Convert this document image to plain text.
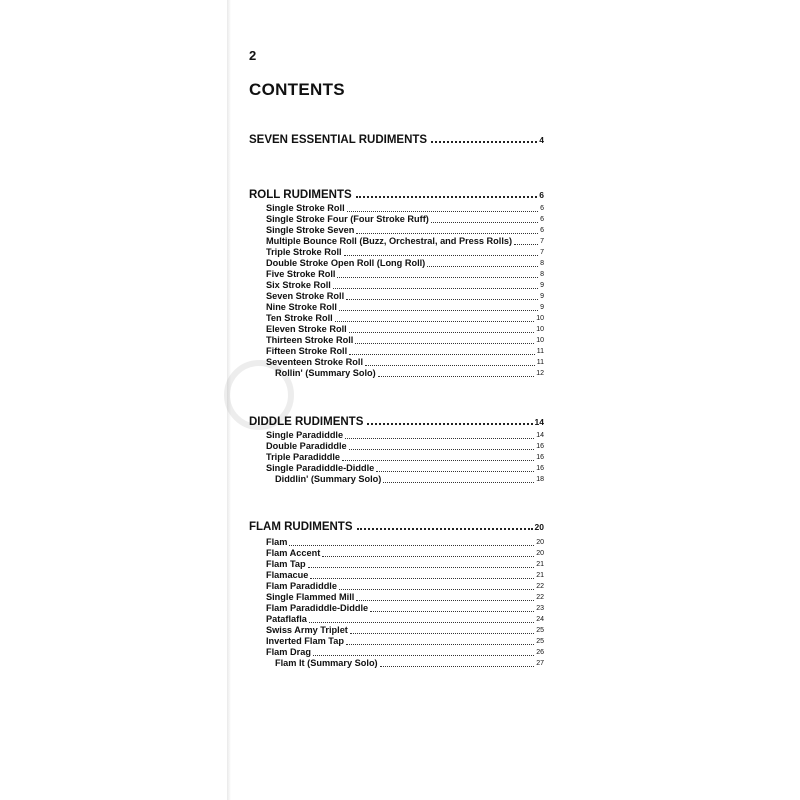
2
CONTENTS
SEVEN ESSENTIAL RUDIMENTS	4
ROLL RUDIMENTS	6
Single Stroke Roll	6
Single Stroke Four (Four Stroke Ruff)	6
Single Stroke Seven	6
Multiple Bounce Roll (Buzz, Orchestral, and Press Rolls)	7
Triple Stroke Roll	7
Double Stroke Open Roll (Long Roll)	8
Five Stroke Roll	8
Six Stroke Roll	9
Seven Stroke Roll	9
Nine Stroke Roll	9
Ten Stroke Roll	10
Eleven Stroke Roll	10
Thirteen Stroke Roll	10
Fifteen Stroke Roll	11
Seventeen Stroke Roll	11
Rollin' (Summary Solo)	12
DIDDLE RUDIMENTS	14
Single Paradiddle	14
Double Paradiddle	16
Triple Paradiddle	16
Single Paradiddle-Diddle	16
Diddlin' (Summary Solo)	18
FLAM RUDIMENTS	20
Flam	20
Flam Accent	20
Flam Tap	21
Flamacue	21
Flam Paradiddle	22
Single Flammed Mill	22
Flam Paradiddle-Diddle	23
Pataflafla	24
Swiss Army Triplet	25
Inverted Flam Tap	25
Flam Drag	26
Flam It (Summary Solo)	27
